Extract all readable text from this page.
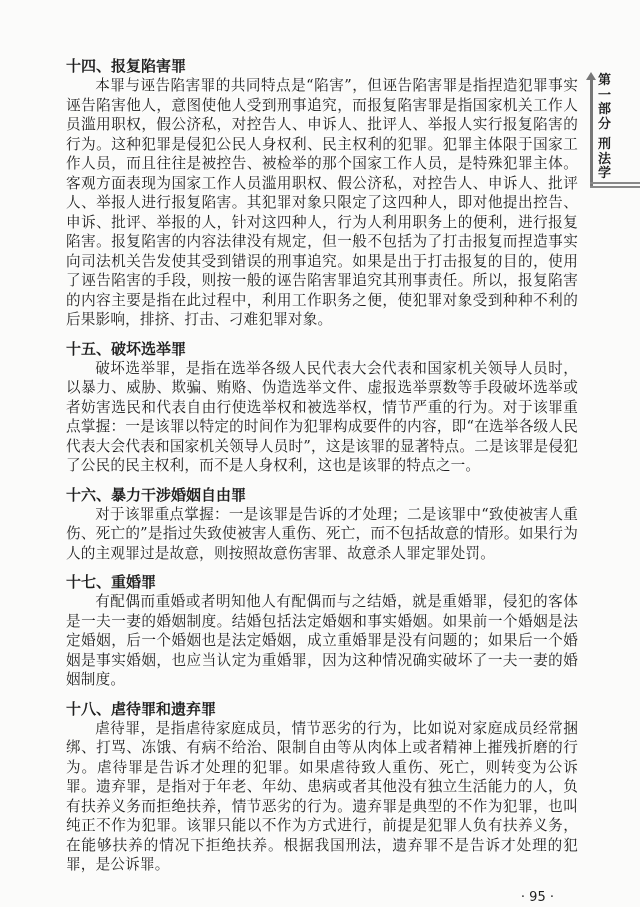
第一部分
刑法学
十四、报复陷害罪

本罪与诬告陷害罪的共同特点是“陷害”，但诬告陷害罪是指捏造犯罪事实诬告陷害他人，意图使他人受到刑事追究，而报复陷害罪是指国家机关工作人员滥用职权，假公济私，对控告人、申诉人、批评人、举报人实行报复陷害的行为。这种犯罪是侵犯公民人身权利、民主权利的犯罪。犯罪主体限于国家工作人员，而且往往是被控告、被检举的那个国家工作人员，是特殊犯罪主体。客观方面表现为国家工作人员滥用职权、假公济私，对控告人、申诉人、批评人、举报人进行报复陷害。其犯罪对象只限定了这四种人，即对他提出控告、申诉、批评、举报的人，针对这四种人，行为人利用职务上的便利，进行报复陷害。报复陷害的内容法律没有规定，但一般不包括为了打击报复而捏造事实向司法机关告发使其受到错误的刑事追究。如果是出于打击报复的目的，使用了诬告陷害的手段，则按一般的诬告陷害罪追究其刑事责任。所以，报复陷害的内容主要是指在此过程中，利用工作职务之便，使犯罪对象受到种种不利的后果影响，排挤、打击、刁难犯罪对象。

十五、破坏选举罪

破坏选举罪，是指在选举各级人民代表大会代表和国家机关领导人员时，以暴力、威胁、欺骗、贿赂、伪造选举文件、虚报选举票数等手段破坏选举或者妨害选民和代表自由行使选举权和被选举权，情节严重的行为。对于该罪重点掌握：一是该罪以特定的时间作为犯罪构成要件的内容，即“在选举各级人民代表大会代表和国家机关领导人员时”，这是该罪的显著特点。二是该罪是侵犯了公民的民主权利，而不是人身权利，这也是该罪的特点之一。

十六、暴力干涉婚姻自由罪

对于该罪重点掌握：一是该罪是告诉的才处理；二是该罪中“致使被害人重伤、死亡的”是指过失致使被害人重伤、死亡，而不包括故意的情形。如果行为人的主观罪过是故意，则按照故意伤害罪、故意杀人罪定罪处罚。

十七、重婚罪

有配偶而重婚或者明知他人有配偶而与之结婚，就是重婚罪，侵犯的客体是一夫一妻的婚姻制度。结婚包括法定婚姻和事实婚姻。如果前一个婚姻是法定婚姻，后一个婚姻也是法定婚姻，成立重婚罪是没有问题的；如果后一个婚姻是事实婚姻，也应当认定为重婚罪，因为这种情况确实破坏了一夫一妻的婚姻制度。

十八、虐待罪和遗弃罪

虐待罪，是指虐待家庭成员，情节恶劣的行为，比如说对家庭成员经常捆绑、打骂、冻饿、有病不给治、限制自由等从肉体上或者精神上摧残折磨的行为。虐待罪是告诉才处理的犯罪。如果虐待致人重伤、死亡，则转变为公诉罪。遗弃罪，是指对于年老、年幼、患病或者其他没有独立生活能力的人，负有扶养义务而拒绝扶养，情节恶劣的行为。遗弃罪是典型的不作为犯罪，也叫纯正不作为犯罪。该罪只能以不作为方式进行，前提是犯罪人负有扶养义务，在能够扶养的情况下拒绝扶养。根据我国刑法，遗弃罪不是告诉才处理的犯罪，是公诉罪。

· 95 ·
